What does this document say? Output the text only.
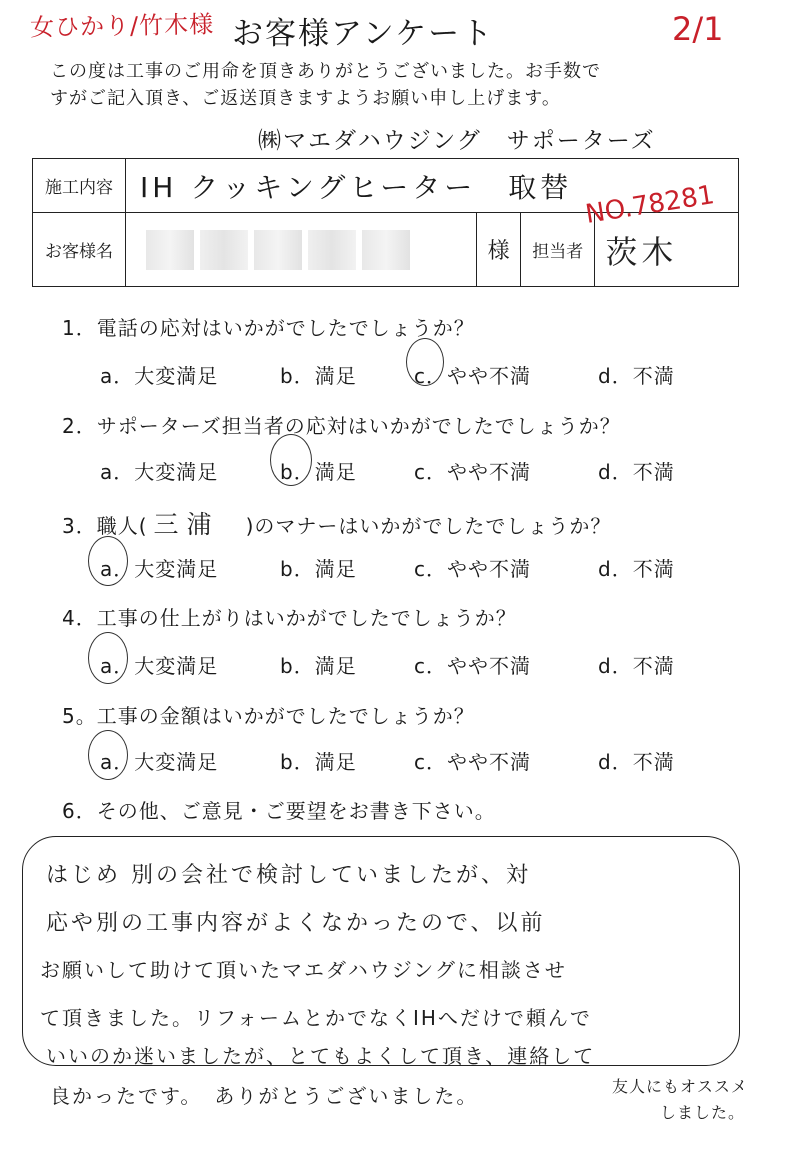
女ひかり/竹木様 お客様アンケート	2/1
この度は工事のご用命を頂きありがとうございました。お手数で
すがご記入頂き、ご返送頂きますようお願い申し上げます。
㈱マエダハウジング　サポーターズ
施工内容	IH クッキングヒーター　取替			
お客様名		様	担当者	茨木
NO.78281
1．電話の応対はいかがでしたでしょうか？
a．大変満足	b．満足	c．やや不満	d．不満
2．サポーターズ担当者の応対はいかがでしたでしょうか？
a．大変満足	b．満足	c．やや不満	d．不満
3．職人( 三浦 )のマナーはいかがでしたでしょうか？
a．大変満足	b．満足	c．やや不満	d．不満
4．工事の仕上がりはいかがでしたでしょうか？
a．大変満足	b．満足	c．やや不満	d．不満
5。工事の金額はいかがでしたでしょうか？
a．大変満足	b．満足	c．やや不満	d．不満
6．その他、ご意見・ご要望をお書き下さい。
はじめ 別の会社で検討していましたが、対
応や別の工事内容がよくなかったので、以前
お願いして助けて頂いたマエダハウジングに相談させ
て頂きました。リフォームとかでなくIHへだけで頼んで
いいのか迷いましたが、とてもよくして頂き、連絡して
良かったです。　ありがとうございました。	友人にもオススメ
しました。
